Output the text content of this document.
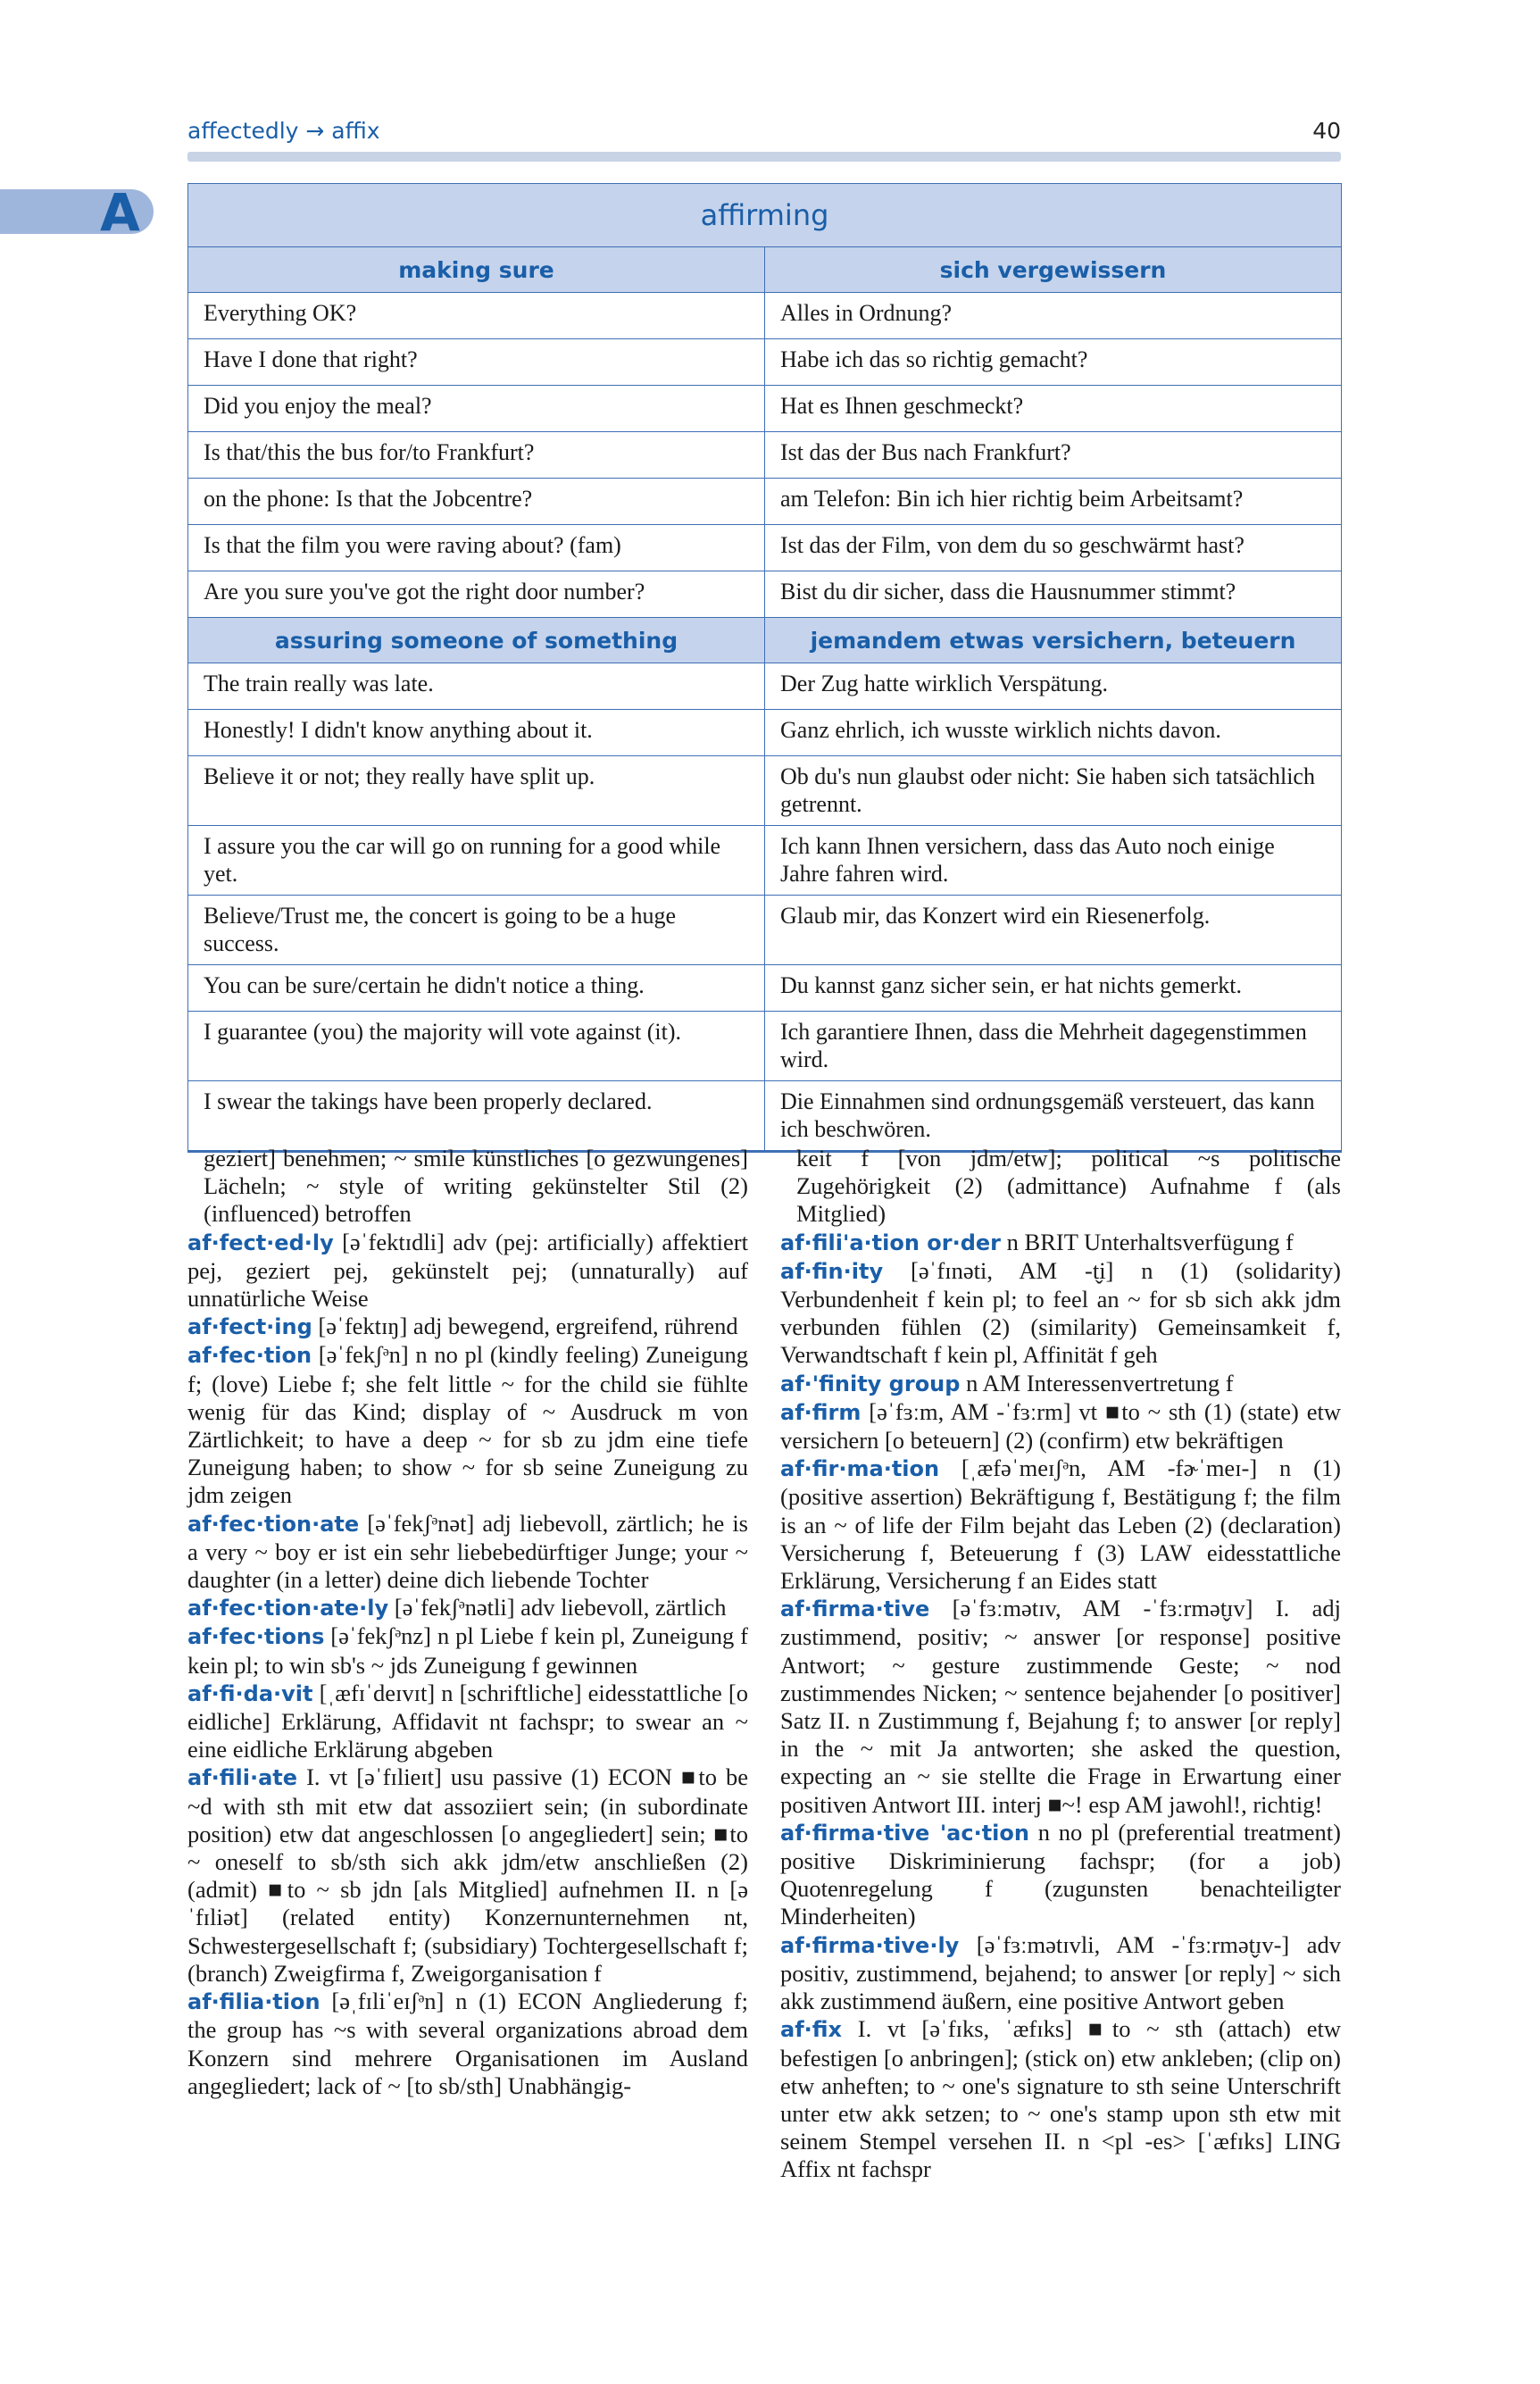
affectedly → affix	40
A	affirming	
making sure	sich vergewissern
Everything OK?	Alles in Ordnung?
Have I done that right?	Habe ich das so richtig gemacht?
Did you enjoy the meal?	Hat es Ihnen geschmeckt?
Is that/this the bus for/to Frankfurt?	Ist das der Bus nach Frankfurt?
on the phone: Is that the Jobcentre?	am Telefon: Bin ich hier richtig beim Arbeitsamt?
Is that the film you were raving about? (fam)	Ist das der Film, von dem du so geschwärmt hast?
Are you sure you've got the right door number?	Bist du dir sicher, dass die Hausnummer stimmt?
assuring someone of something	jemandem etwas versichern, beteuern
The train really was late.	Der Zug hatte wirklich Verspätung.
Honestly! I didn't know anything about it.	Ganz ehrlich, ich wusste wirklich nichts davon.
Believe it or not; they really have split up.	Ob du's nun glaubst oder nicht: Sie haben sich tatsächlich getrennt.
I assure you the car will go on running for a good while yet.	Ich kann Ihnen versichern, dass das Auto noch einige Jahre fahren wird.
Believe/Trust me, the concert is going to be a huge success.	Glaub mir, das Konzert wird ein Riesenerfolg.
You can be sure/certain he didn't notice a thing.	Du kannst ganz sicher sein, er hat nichts gemerkt.
I guarantee (you) the majority will vote against (it).	Ich garantiere Ihnen, dass die Mehrheit dagegenstimmen wird.
I swear the takings have been properly declared.	Die Einnahmen sind ordnungsgemäß versteuert, das kann ich beschwören.

geziert] benehmen; ~ smile künstliches [o gezwungenes] Lächeln; ~ style of writing gekünstelter Stil (2) (influenced) betroffen

af·fect·ed·ly [əˈfektɪdli] adv (pej: artificially) affektiert pej, geziert pej, gekünstelt pej; (unnaturally) auf unnatürliche Weise

af·fect·ing [əˈfektɪŋ] adj bewegend, ergreifend, rührend

af·fec·tion [əˈfekʃᵊn] n no pl (kindly feeling) Zuneigung f; (love) Liebe f; she felt little ~ for the child sie fühlte wenig für das Kind; display of ~ Ausdruck m von Zärtlichkeit; to have a deep ~ for sb zu jdm eine tiefe Zuneigung haben; to show ~ for sb seine Zuneigung zu jdm zeigen

af·fec·tion·ate [əˈfekʃᵊnət] adj liebevoll, zärtlich; he is a very ~ boy er ist ein sehr liebebedürftiger Junge; your ~ daughter (in a letter) deine dich liebende Tochter

af·fec·tion·ate·ly [əˈfekʃᵊnətli] adv liebevoll, zärtlich

af·fec·tions [əˈfekʃᵊnz] n pl Liebe f kein pl, Zuneigung f kein pl; to win sb's ~ jds Zuneigung f gewinnen

af·fi·da·vit [ˌæfɪˈdeɪvɪt] n [schriftliche] eidesstattliche [o eidliche] Erklärung, Affidavit nt fachspr; to swear an ~ eine eidliche Erklärung abgeben

af·fili·ate I. vt [əˈfɪlieɪt] usu passive (1) ECON ■to be ~d with sth mit etw dat assoziiert sein; (in subordinate position) etw dat angeschlossen [o angegliedert] sein; ■to ~ oneself to sb/sth sich akk jdm/etw anschließen (2) (admit) ■to ~ sb jdn [als Mitglied] aufnehmen II. n [əˈfɪliət] (related entity) Konzernunternehmen nt, Schwestergesellschaft f; (subsidiary) Tochtergesellschaft f; (branch) Zweigfirma f, Zweigorganisation f

af·filia·tion [əˌfɪliˈeɪʃᵊn] n (1) ECON Angliederung f; the group has ~s with several organizations abroad dem Konzern sind mehrere Organisationen im Ausland angegliedert; lack of ~ [to sb/sth] Unabhängig-

keit f [von jdm/etw]; political ~s politische Zugehörigkeit (2) (admittance) Aufnahme f (als Mitglied)

af·fili'a·tion or·der n BRIT Unterhaltsverfügung f

af·fin·ity [əˈfɪnəti, AM -t̬i] n (1) (solidarity) Verbundenheit f kein pl; to feel an ~ for sb sich akk jdm verbunden fühlen (2) (similarity) Gemeinsamkeit f, Verwandtschaft f kein pl, Affinität f geh

af·'finity group n AM Interessenvertretung f

af·firm [əˈfɜːm, AM -ˈfɜːrm] vt ■to ~ sth (1) (state) etw versichern [o beteuern] (2) (confirm) etw bekräftigen

af·fir·ma·tion [ˌæfəˈmeɪʃᵊn, AM -fɚˈmeɪ-] n (1) (positive assertion) Bekräftigung f, Bestätigung f; the film is an ~ of life der Film bejaht das Leben (2) (declaration) Versicherung f, Beteuerung f (3) LAW eidesstattliche Erklärung, Versicherung f an Eides statt

af·firma·tive [əˈfɜːmətɪv, AM -ˈfɜːrmət̬ɪv] I. adj zustimmend, positiv; ~ answer [or response] positive Antwort; ~ gesture zustimmende Geste; ~ nod zustimmendes Nicken; ~ sentence bejahender [o positiver] Satz II. n Zustimmung f, Bejahung f; to answer [or reply] in the ~ mit Ja antworten; she asked the question, expecting an ~ sie stellte die Frage in Erwartung einer positiven Antwort III. interj ■~! esp AM jawohl!, richtig!

af·firma·tive 'ac·tion n no pl (preferential treatment) positive Diskriminierung fachspr; (for a job) Quotenregelung f (zugunsten benachteiligter Minderheiten)

af·firma·tive·ly [əˈfɜːmətɪvli, AM -ˈfɜːrmət̬ɪv-] adv positiv, zustimmend, bejahend; to answer [or reply] ~ sich akk zustimmend äußern, eine positive Antwort geben

af·fix I. vt [əˈfɪks, ˈæfɪks] ■to ~ sth (attach) etw befestigen [o anbringen]; (stick on) etw ankleben; (clip on) etw anheften; to ~ one's signature to sth seine Unterschrift unter etw akk setzen; to ~ one's stamp upon sth etw mit seinem Stempel versehen II. n <pl -es> [ˈæfɪks] LING Affix nt fachspr
